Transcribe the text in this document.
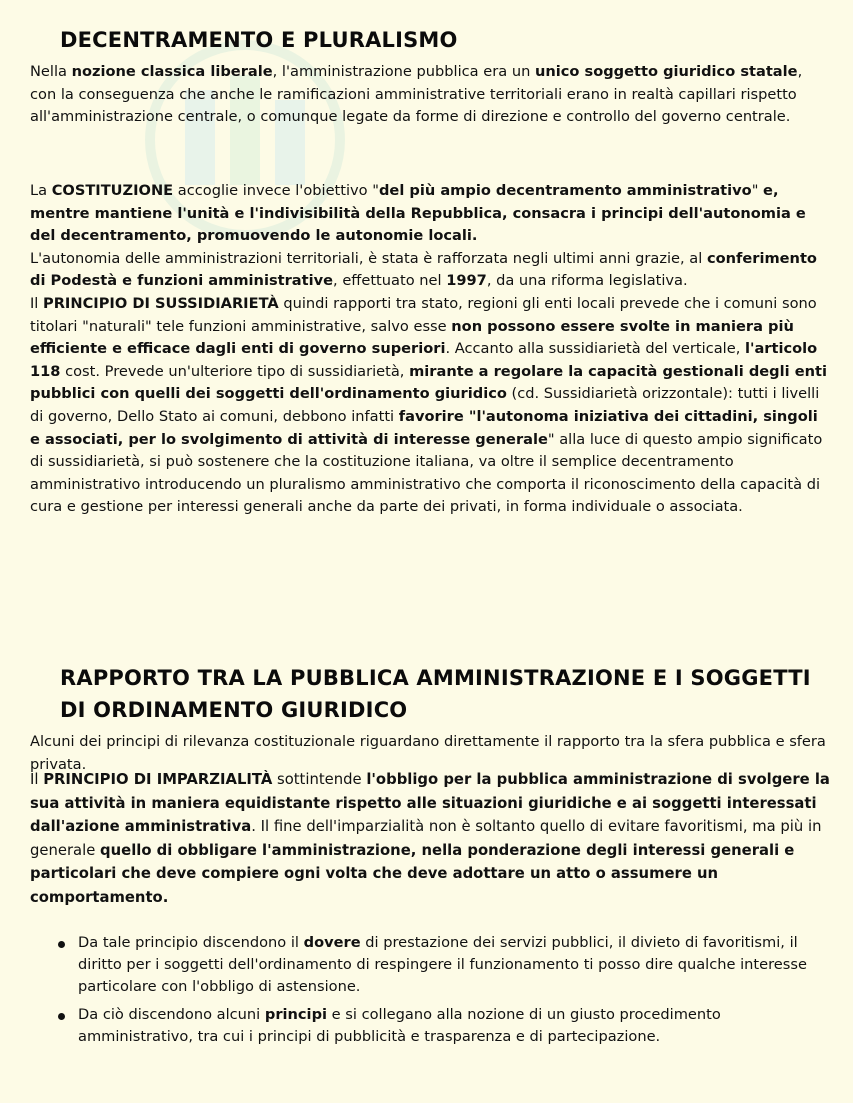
DECENTRAMENTO E PLURALISMO

Nella nozione classica liberale, l'amministrazione pubblica era un unico soggetto giuridico statale, con la conseguenza che anche le ramificazioni amministrative territoriali erano in realtà capillari rispetto all'amministrazione centrale, o comunque legate da forme di direzione e controllo del governo centrale.

La COSTITUZIONE accoglie invece l'obiettivo "del più ampio decentramento amministrativo" e, mentre mantiene l'unità e l'indivisibilità della Repubblica, consacra i principi dell'autonomia e del decentramento, promuovendo le autonomie locali.
L'autonomia delle amministrazioni territoriali, è stata è rafforzata negli ultimi anni grazie, al conferimento di Podestà e funzioni amministrative, effettuato nel 1997, da una riforma legislativa.
Il PRINCIPIO DI SUSSIDIARIETÀ quindi rapporti tra stato, regioni gli enti locali prevede che i comuni sono titolari "naturali" tele funzioni amministrative, salvo esse non possono essere svolte in maniera più efficiente e efficace dagli enti di governo superiori. Accanto alla sussidiarietà del verticale, l'articolo 118 cost. Prevede un'ulteriore tipo di sussidiarietà, mirante a regolare la capacità gestionali degli enti pubblici con quelli dei soggetti dell'ordinamento giuridico (cd. Sussidiarietà orizzontale): tutti i livelli di governo, Dello Stato ai comuni, debbono infatti favorire "l'autonoma iniziativa dei cittadini, singoli e associati, per lo svolgimento di attività di interesse generale" alla luce di questo ampio significato di sussidiarietà, si può sostenere che la costituzione italiana, va oltre il semplice decentramento amministrativo introducendo un pluralismo amministrativo che comporta il riconoscimento della capacità di cura e gestione per interessi generali anche da parte dei privati, in forma individuale o associata.

RAPPORTO TRA LA PUBBLICA AMMINISTRAZIONE E I SOGGETTI DI ORDINAMENTO GIURIDICO

Alcuni dei principi di rilevanza costituzionale riguardano direttamente il rapporto tra la sfera pubblica e sfera privata.

Il PRINCIPIO DI IMPARZIALITÀ sottintende l'obbligo per la pubblica amministrazione di svolgere la sua attività in maniera equidistante rispetto alle situazioni giuridiche e ai soggetti interessati dall'azione amministrativa. Il fine dell'imparzialità non è soltanto quello di evitare favoritismi, ma più in generale quello di obbligare l'amministrazione, nella ponderazione degli interessi generali e particolari che deve compiere ogni volta che deve adottare un atto o assumere un comportamento.

Da tale principio discendono il dovere di prestazione dei servizi pubblici, il divieto di favoritismi, il diritto per i soggetti dell'ordinamento di respingere il funzionamento ti posso dire qualche interesse particolare con l'obbligo di astensione.
Da ciò discendono alcuni principi e si collegano alla nozione di un giusto procedimento amministrativo, tra cui i principi di pubblicità e trasparenza e di partecipazione.
